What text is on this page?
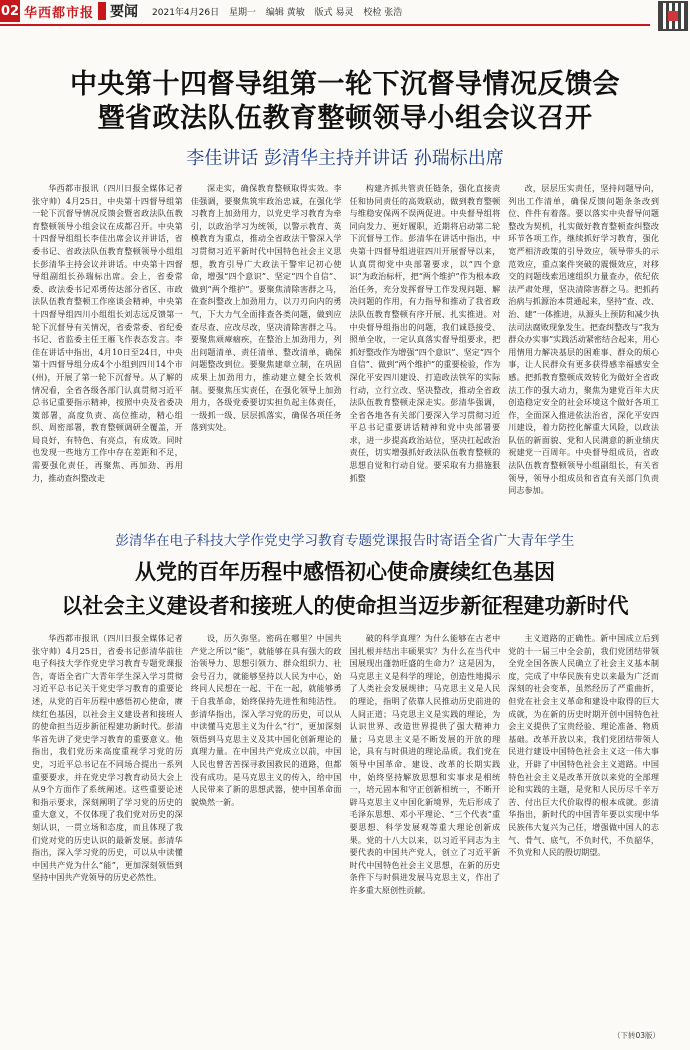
02 华西都市报 要闻 2021年4月26日 星期一 编辑 黄敏 版式 易灵 校检 张浩
中央第十四督导组第一轮下沉督导情况反馈会
暨省政法队伍教育整顿领导小组会议召开
李佳讲话 彭清华主持并讲话 孙瑞标出席

华西都市报讯（四川日报全媒体记者 张守帅）4月25日，中央第十四督导组第一轮下沉督导情况反馈会暨省政法队伍教育整顿领导小组会议在成都召开。中央第十四督导组组长李佳出席会议并讲话，省委书记、省政法队伍教育整顿领导小组组长彭清华主持会议并讲话。中央第十四督导组副组长孙瑞标出席。会上，省委常委、政法委书记邓勇传达部分省区、市政法队伍教育整顿工作座谈会精神，中央第十四督导组四川小组组长刘志远反馈第一轮下沉督导有关情况，省委常委、省纪委书记、省监委主任王雁飞作表态发言。李佳在讲话中指出，4月10日至24日，中央第十四督导组分成4个小组到四川14个市(州)，开展了第一轮下沉督导。从了解的情况看，全省各级各部门认真贯彻习近平总书记重要指示精神，按照中央及省委决策部署，高度负责、高位推动，精心组织、周密部署，教育整顿调研全覆盖，开局良好，有特色、有亮点，有成效。同时也发现一些地方工作中存在差距和不足，需要强化责任，再聚焦、再加劲、再用力，推动查纠整改走

深走实，确保教育整顿取得实效。李佳强调，要聚焦筑牢政治忠诚，在强化学习教育上加劲用力，以党史学习教育为牵引，以政治学习为统领，以警示教育、英模教育为重点，推动全省政法干警深入学习贯彻习近平新时代中国特色社会主义思想，教育引导广大政法干警牢记初心使命，增强“四个意识”、坚定“四个自信”、做到“两个维护”。要聚焦清除害群之马，在查纠整改上加劲用力，以刀刃向内的勇气，下大力气全面排查各类问题，做到应查尽查、应改尽改，坚决清除害群之马。要聚焦顽瘴痼疾，在整治上加劲用力，列出问题清单、责任清单、整改清单，确保问题整改到位。要聚焦建章立制，在巩固成果上加劲用力，推动建立健全长效机制。要聚焦压实责任，在强化领导上加劲用力，各级党委要切实担负起主体责任，一级抓一级、层层抓落实，确保各项任务落到实处。

构建齐抓共管责任链条，强化直接责任和协同责任的高效联动，做到教育整顿与维稳安保两不误两促进。中央督导组将同向发力、更好履职，近期将启动第二轮下沉督导工作。彭清华在讲话中指出，中央第十四督导组进驻四川开展督导以来，认真贯彻党中央部署要求，以“四个意识”为政治标杆，把“两个维护”作为根本政治任务，充分发挥督导工作发现问题、解决问题的作用，有力指导和推动了我省政法队伍教育整顿有序开展、扎实推进。对中央督导组指出的问题，我们诚恳接受、照单全收，一定认真落实督导组要求，把抓好整改作为增强“四个意识”、坚定“四个自信”、做到“两个维护”的重要检验，作为深化平安四川建设、打造政法铁军的实际行动，立行立改、坚决整改，推动全省政法队伍教育整顿走深走实。彭清华强调，全省各地各有关部门要深入学习贯彻习近平总书记重要讲话精神和党中央部署要求，进一步提高政治站位，坚决扛起政治责任，切实增强抓好政法队伍教育整顿的思想自觉和行动自觉。要采取有力措施狠抓整

改，层层压实责任，坚持问题导向，列出工作清单，确保反馈问题条条改到位、件件有着落。要以落实中央督导问题整改为契机，扎实做好教育整顿查纠整改环节各项工作，继续抓好学习教育，强化宽严相济政策的引导效应，领导带头的示范效应，重点案件突破的震慑效应，对移交的问题线索迅速组织力量查办，依纪依法严肃处理，坚决清除害群之马。把抓药治病与抓源治本贯通起来，坚持“查、改、治、建”一体推进，从源头上预防和减少执法司法腐败现象发生。把查纠整改与“我为群众办实事”实践活动紧密结合起来，用心用情用力解决基层的困难事、群众的烦心事，让人民群众有更多获得感幸福感安全感。把抓教育整顿成效转化为做好全省政法工作的强大动力，聚焦为建党百年大庆创造稳定安全的社会环境这个做好各项工作，全面深入推进依法治省，深化平安四川建设，着力防控化解重大风险，以政法队伍的新面貌、党和人民满意的新业绩庆祝建党一百周年。中央督导组成员，省政法队伍教育整顿领导小组副组长，有关省领导，领导小组成员和省直有关部门负责同志参加。

彭清华在电子科技大学作党史学习教育专题党课报告时寄语全省广大青年学生
从党的百年历程中感悟初心使命赓续红色基因
以社会主义建设者和接班人的使命担当迈步新征程建功新时代

华西都市报讯（四川日报全媒体记者 张守帅）4月25日，省委书记彭清华前往电子科技大学作党史学习教育专题党课报告，寄语全省广大青年学生深入学习贯彻习近平总书记关于党史学习教育的重要论述，从党的百年历程中感悟初心使命，赓续红色基因，以社会主义建设者和接班人的使命担当迈步新征程建功新时代。彭清华首先讲了党史学习教育的重要意义。他指出，我们党历来高度重视学习党的历史，习近平总书记在不同场合提出一系列重要要求，并在党史学习教育动员大会上从9个方面作了系统阐述。这些重要论述和指示要求，深刻阐明了学习党的历史的重大意义，不仅体现了我们党对历史的深刻认识，一贯立场和态度，而且体现了我们党对党的历史认识的最新发展。彭清华指出，深入学习党的历史，可以从中读懂中国共产党为什么“能”，更加深刻领悟到坚持中国共产党领导的历史必然性。

设，历久弥坚。密码在哪里？中国共产党之所以“能”，就能够在具有强大的政治领导力、思想引领力、群众组织力、社会号召力，就能够坚持以人民为中心，始终同人民想在一起、干在一起，就能够勇于自我革命，始终保持先进性和纯洁性。彭清华指出，深入学习党的历史，可以从中读懂马克思主义为什么“行”，更加深刻领悟到马克思主义及其中国化创新理论的真理力量。在中国共产党成立以前，中国人民也曾苦苦探寻救国救民的道路，但都没有成功。是马克思主义的传入，给中国人民带来了新的思想武器，使中国革命面貌焕然一新。

破的科学真理？为什么能够在古老中国扎根并结出丰硕果实？为什么在当代中国展现出蓬勃旺盛的生命力？这是因为，马克思主义是科学的理论，创造性地揭示了人类社会发展规律；马克思主义是人民的理论，指明了依靠人民推动历史前进的人间正道；马克思主义是实践的理论，为认识世界、改造世界提供了强大精神力量；马克思主义是不断发展的开放的理论，具有与时俱进的理论品质。我们党在领导中国革命、建设、改革的长期实践中，始终坚持解放思想和实事求是相统一，培元固本和守正创新相统一，不断开辟马克思主义中国化新境界，先后形成了毛泽东思想、邓小平理论、“三个代表”重要思想、科学发展观等重大理论创新成果。党的十八大以来，以习近平同志为主要代表的中国共产党人，创立了习近平新时代中国特色社会主义思想，在新的历史条件下与时俱进发展马克思主义，作出了许多重大原创性贡献。

主义道路的正确性。新中国成立后到党的十一届三中全会前，我们党团结带领全党全国各族人民确立了社会主义基本制度，完成了中华民族有史以来最为广泛而深刻的社会变革，虽然经历了严重曲折，但党在社会主义革命和建设中取得的巨大成就，为在新的历史时期开创中国特色社会主义提供了宝贵经验、理论准备、物质基础。改革开放以来，我们党团结带领人民进行建设中国特色社会主义这一伟大事业，开辟了中国特色社会主义道路。中国特色社会主义是改革开放以来党的全部理论和实践的主题，是党和人民历尽千辛万苦、付出巨大代价取得的根本成就。彭清华指出，新时代的中国青年要以实现中华民族伟大复兴为己任，增强做中国人的志气、骨气、底气，不负时代，不负韶华，不负党和人民的殷切期望。

（下转03版）
